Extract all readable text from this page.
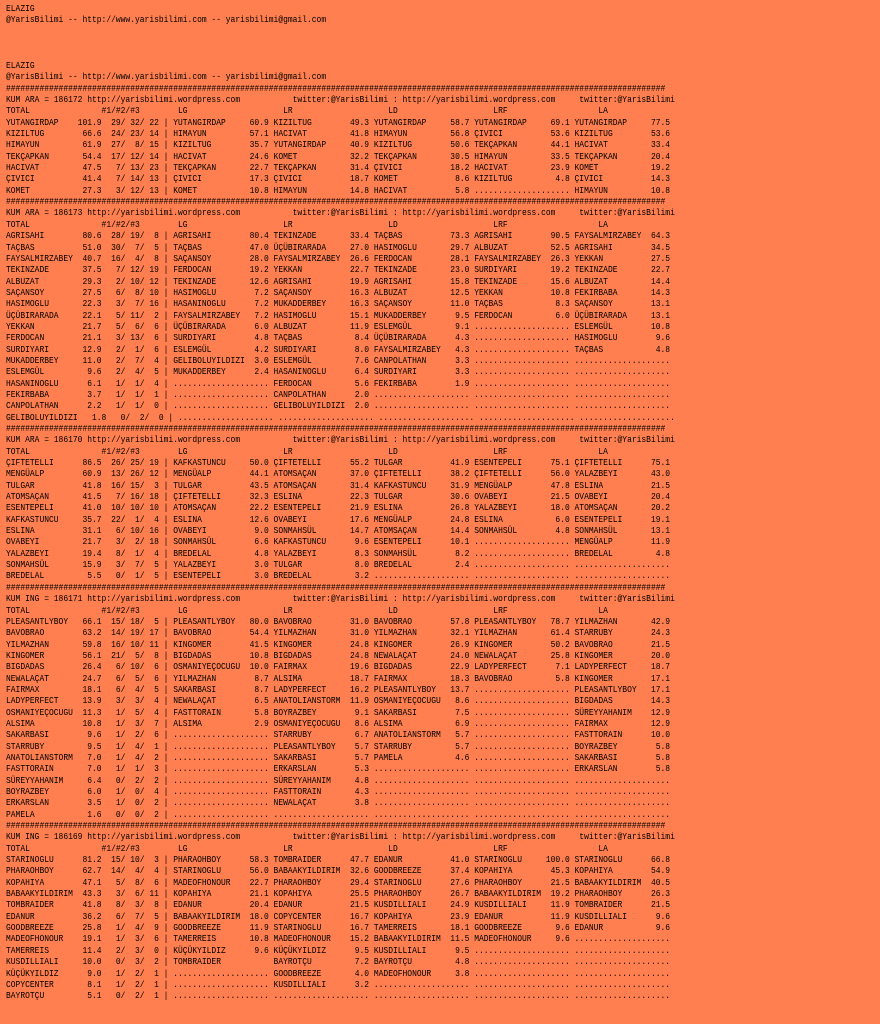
ELAZIG
@YarisBilimi -- http://www.yarisbilimi.com -- yarisbilimi@gmail.com
ELAZIG
@YarisBilimi -- http://www.yarisbilimi.com -- yarisbilimi@gmail.com
##########################################################################################################################################
KUM ARA = 186172 http://yarisbilimi.wordpress.com           twitter:@YarisBilimi : http://yarisbilimi.wordpress.com     twitter:@YarisBilimi
TOTAL               #1/#2/#3        LG                    LR                    LD                    LRF                   LA
YUTANGIRDAP    101.9  29/ 32/ 22 | YUTANGIRDAP     60.9 KIZILTUG        49.3 YUTANGIRDAP     58.7 YUTANGIRDAP     69.1 YUTANGIRDAP     77.5
KIZILTUG        66.6  24/ 23/ 14 | HIMAYUN         57.1 HACIVAT         41.8 HIMAYUN         56.8 ÇIVICI          53.6 KIZILTUG        53.6
HIMAYUN         61.9  27/  8/ 15 | KIZILTUG        35.7 YUTANGIRDAP     40.9 KIZILTUG        50.6 TEKÇAPKAN       44.1 HACIVAT         33.4
TEKÇAPKAN       54.4  17/ 12/ 14 | HACIVAT         24.6 KOMET           32.2 TEKÇAPKAN       30.5 HIMAYUN         33.5 TEKÇAPKAN       20.4
HACIVAT         47.5   7/ 13/ 23 | TEKÇAPKAN       22.7 TEKÇAPKAN       31.4 ÇIVICI          18.2 HACIVAT         23.9 KOMET           19.2
ÇIVICI          41.4   7/ 14/ 13 | ÇIVICI          17.3 ÇIVICI          18.7 KOMET            8.6 KIZILTUG         4.8 ÇIVICI          14.3
KOMET           27.3   3/ 12/ 13 | KOMET           10.8 HIMAYUN         14.8 HACIVAT          5.8 .................... HIMAYUN         10.8
##########################################################################################################################################
KUM ARA = 186173 http://yarisbilimi.wordpress.com           twitter:@YarisBilimi : http://yarisbilimi.wordpress.com     twitter:@YarisBilimi
TOTAL               #1/#2/#3        LG                    LR                    LD                    LRF                   LA
AGRISAHI        80.6  28/ 19/  8 | AGRISAHI        80.4 TEKINZADE       33.4 TAÇBAS          73.3 AGRISAHI        90.5 FAYSALMIRZABEY  64.3
TAÇBAS          51.0  30/  7/  5 | TAÇBAS          47.0 ÜÇÜBIRARADA     27.0 HASIMOGLU       29.7 ALBUZAT         52.5 AGRISAHI        34.5
FAYSALMIRZABEY  40.7  16/  4/  8 | SAÇANSOY        28.0 FAYSALMIRZABEY  26.6 FERDOCAN        28.1 FAYSALMIRZABEY  26.3 YEKKAN          27.5
TEKINZADE       37.5   7/ 12/ 19 | FERDOCAN        19.2 YEKKAN          22.7 TEKINZADE       23.0 SURDIYARI       19.2 TEKINZADE       22.7
ALBUZAT         29.3   2/ 10/ 12 | TEKINZADE       12.6 AGRISAHI        19.9 AGRISAHI        15.8 TEKINZADE       15.6 ALBUZAT         14.4
SAÇANSOY        27.5   6/  8/ 10 | HASIMOGLU        7.2 SAÇANSOY        16.3 ALBUZAT         12.5 YEKKAN          10.8 FEKIRBABA       14.3
HASIMOGLU       22.3   3/  7/ 16 | HASANINOGLU      7.2 MUKADDERBEY     16.3 SAÇANSOY        11.0 TAÇBAS           8.3 SAÇANSOY        13.1
ÜÇÜBIRARADA     22.1   5/ 11/  2 | FAYSALMIRZABEY   7.2 HASIMOGLU       15.1 MUKADDERBEY      9.5 FERDOCAN         6.0 ÜÇÜBIRARADA     13.1
YEKKAN          21.7   5/  6/  6 | ÜÇÜBIRARADA      6.0 ALBUZAT         11.9 ESLEMGÜL         9.1 .................... ESLEMGÜL        10.8
FERDOCAN        21.1   3/ 13/  6 | SURDIYARI        4.8 TAÇBAS           8.4 ÜÇÜBIRARADA      4.3 .................... HASIMOGLU        9.6
SURDIYARI       12.9   2/  1/  6 | ESLEMGÜL         4.2 SURDIYARI        8.0 FAYSALMIRZABEY   4.3 .................... TAÇBAS           4.8
MUKADDERBEY     11.0   2/  7/  4 | GELIBOLUYILDIZI  3.0 ESLEMGÜL         7.6 CANPOLATHAN      3.3 .................... ....................
ESLEMGÜL         9.6   2/  4/  5 | MUKADDERBEY      2.4 HASANINOGLU      6.4 SURDIYARI        3.3 .................... ....................
HASANINOGLU      6.1   1/  1/  4 | .................... FERDOCAN         5.6 FEKIRBABA        1.9 .................... ....................
FEKIRBABA        3.7   1/  1/  1 | .................... CANPOLATHAN      2.0 .................... .................... ....................
CANPOLATHAN      2.2   1/  1/  0 | .................... GELIBOLUYILDIZI  2.0 .................... .................... ....................
GELIBOLUYILDIZI   1.8   0/  2/  0 | .................... .................... .................... .................... ....................
##########################################################################################################################################
KUM ARA = 186170 http://yarisbilimi.wordpress.com           twitter:@YarisBilimi : http://yarisbilimi.wordpress.com     twitter:@YarisBilimi
TOTAL               #1/#2/#3        LG                    LR                    LD                    LRF                   LA
ÇIFTETELLI      86.5  26/ 25/ 19 | KAFKASTUNCU     50.0 ÇIFTETELLI      55.2 TULGAR          41.9 ESENTEPELI      75.1 ÇIFTETELLI      75.1
MENGÜALP        60.9  13/ 26/ 12 | MENGÜALP        44.1 ATOMSAÇAN       37.0 ÇIFTETELLI      38.2 ÇIFTETELLI      56.0 YALAZBEYI       43.0
TULGAR          41.8  16/ 15/  3 | TULGAR          43.5 ATOMSAÇAN       31.4 KAFKASTUNCU     31.9 MENGÜALP        47.8 ESLINA          21.5
ATOMSAÇAN       41.5   7/ 16/ 18 | ÇIFTETELLI      32.3 ESLINA          22.3 TULGAR          30.6 OVABEYI         21.5 OVABEYI         20.4
ESENTEPELI      41.0  10/ 10/ 10 | ATOMSAÇAN       22.2 ESENTEPELI      21.9 ESLINA          26.8 YALAZBEYI       18.0 ATOMSAÇAN       20.2
KAFKASTUNCU     35.7  22/  1/  4 | ESLINA          12.6 OVABEYI         17.6 MENGÜALP        24.8 ESLINA           6.0 ESENTEPELI      19.1
ESLINA          31.1   6/ 10/ 16 | OVABEYI          9.0 SONMAHSÜL       14.7 ATOMSAÇAN       14.4 SONMAHSÜL        4.8 SONMAHSÜL       13.1
OVABEYI         21.7   3/  2/ 18 | SONMAHSÜL        6.6 KAFKASTUNCU      9.6 ESENTEPELI      10.1 .................... MENGÜALP        11.9
YALAZBEYI       19.4   8/  1/  4 | BREDELAL         4.8 YALAZBEYI        8.3 SONMAHSÜL        8.2 .................... BREDELAL         4.8
SONMAHSÜL       15.9   3/  7/  5 | YALAZBEYI        3.0 TULGAR           8.0 BREDELAL         2.4 .................... ....................
BREDELAL         5.5   0/  1/  5 | ESENTEPELI       3.0 BREDELAL         3.2 .................... .................... ....................
##########################################################################################################################################
KUM ING = 186171 http://yarisbilimi.wordpress.com           twitter:@YarisBilimi : http://yarisbilimi.wordpress.com     twitter:@YarisBilimi
TOTAL               #1/#2/#3        LG                    LR                    LD                    LRF                   LA
PLEASANTLYBOY   66.1  15/ 18/  5 | PLEASANTLYBOY   80.0 BAVOBRAO        31.0 BAVOBRAO        57.8 PLEASANTLYBOY   78.7 YILMAZHAN       42.9
BAVOBRAO        63.2  14/ 19/ 17 | BAVOBRAO        54.4 YILMAZHAN       31.0 YILMAZHAN       32.1 YILMAZHAN       61.4 STARRUBY        24.3
YILMAZHAN       59.8  16/ 10/ 11 | KINGOMER        41.5 KINGOMER        24.8 KINGOMER        26.9 KINGOMER        50.2 BAVOBRAO        21.5
KINGOMER        56.1  21/  5/  8 | BIGDADAS        10.8 BIGDADAS        24.8 NEWALAÇAT       24.0 NEWALAÇAT       25.8 KINGOMER        20.0
BIGDADAS        26.4   6/ 10/  6 | OSMANIYEÇOCUGU  10.0 FAIRMAX         19.6 BIGDADAS        22.9 LADYPERFECT      7.1 LADYPERFECT     18.7
NEWALAÇAT       24.7   6/  5/  6 | YILMAZHAN        8.7 ALSIMA          18.7 FAIRMAX         18.3 BAVOBRAO         5.8 KINGOMER        17.1
FAIRMAX         18.1   6/  4/  5 | SAKARBASI        8.7 LADYPERFECT     16.2 PLEASANTLYBOY   13.7 .................... PLEASANTLYBOY   17.1
LADYPERFECT     13.9   3/  3/  4 | NEWALAÇAT        6.5 ANATOLIANSTORM  11.9 OSMANIYEÇOCUGU   8.6 .................... BIGDADAS        14.3
OSMANIYEÇOCUGU  11.3   1/  5/  4 | FASTTORAIN       5.8 BOYRAZBEY        9.1 SAKARBASI        7.5 .................... SÜREYYAHANIM    12.9
ALSIMA          10.8   1/  3/  7 | ALSIMA           2.9 OSMANIYEÇOCUGU   8.6 ALSIMA           6.9 .................... FAIRMAX         12.9
SAKARBASI        9.6   1/  2/  6 | .................... STARRUBY         6.7 ANATOLIANSTORM   5.7 .................... FASTTORAIN      10.0
STARRUBY         9.5   1/  4/  1 | .................... PLEASANTLYBOY    5.7 STARRUBY         5.7 .................... BOYRAZBEY        5.8
ANATOLIANSTORM   7.0   1/  4/  2 | .................... SAKARBASI        5.7 PAMELA           4.6 .................... SAKARBASI        5.8
FASTTORAIN       7.0   1/  1/  3 | .................... ERKARSLAN        5.3 .................... .................... ERKARSLAN        5.8
SÜREYYAHANIM     6.4   0/  2/  2 | .................... SÜREYYAHANIM     4.8 .................... .................... ....................
BOYRAZBEY        6.0   1/  0/  4 | .................... FASTTORAIN       4.3 .................... .................... ....................
ERKARSLAN        3.5   1/  0/  2 | .................... NEWALAÇAT        3.8 .................... .................... ....................
PAMELA           1.6   0/  0/  2 | .................... .................... .................... .................... ....................
##########################################################################################################################################
KUM ING = 186169 http://yarisbilimi.wordpress.com           twitter:@YarisBilimi : http://yarisbilimi.wordpress.com     twitter:@YarisBilimi
TOTAL               #1/#2/#3        LG                    LR                    LD                    LRF                   LA
STARINOGLU      81.2  15/ 10/  3 | PHARAOHBOY      58.3 TOMBRAIDER      47.7 EDANUR          41.0 STARINOGLU     100.0 STARINOGLU      66.8
PHARAOHBOY      62.7  14/  4/  4 | STARINOGLU      56.0 BABAAKYILDIRIM  32.6 GOODBREEZE      37.4 KOPAHIYA        45.3 KOPAHIYA        54.9
KOPAHIYA        47.1   5/  8/  6 | MADEOFHONOUR    22.7 PHARAOHBOY      29.4 STARINOGLU      27.6 PHARAOHBOY      21.5 BABAAKYILDIRIM  40.5
BABAAKYILDIRIM  43.3   3/  6/ 11 | KOPAHIYA        21.1 KOPAHIYA        25.5 PHARAOHBOY      26.7 BABAAKYILDIRIM  19.2 PHARAOHBOY      26.3
TOMBRAIDER      41.8   8/  3/  8 | EDANUR          20.4 EDANUR          21.5 KUSDILLIALI     24.9 KUSDILLIALI     11.9 TOMBRAIDER      21.5
EDANUR          36.2   6/  7/  5 | BABAAKYILDIRIM  18.0 COPYCENTER      16.7 KOPAHIYA        23.9 EDANUR          11.9 KUSDILLIALI      9.6
GOODBREEZE      25.8   1/  4/  9 | GOODBREEZE      11.9 STARINOGLU      16.7 TAMERREIS       18.1 GOODBREEZE       9.6 EDANUR           9.6
MADEOFHONOUR    19.1   1/  3/  6 | TAMERREIS       10.8 MADEOFHONOUR    15.2 BABAAKYILDIRIM  11.5 MADEOFHONOUR     9.6 ....................
TAMERREIS       11.4   2/  3/  0 | KÜÇÜKYILDIZ      9.6 KÜÇÜKYILDIZ      9.5 KUSDILLIALI      9.5 .................... ....................
KUSDILLIALI     10.0   0/  3/  2 | TOMBRAIDER           BAYROTÇU         7.2 BAYROTÇU         4.8 .................... ....................
KÜÇÜKYILDIZ      9.0   1/  2/  1 | .................... GOODBREEZE       4.0 MADEOFHONOUR     3.8 .................... ....................
COPYCENTER       8.1   1/  2/  1 | .................... KUSDILLIALI      3.2 .................... .................... ....................
BAYROTÇU         5.1   0/  2/  1 | .................... .................... .................... .................... ....................
